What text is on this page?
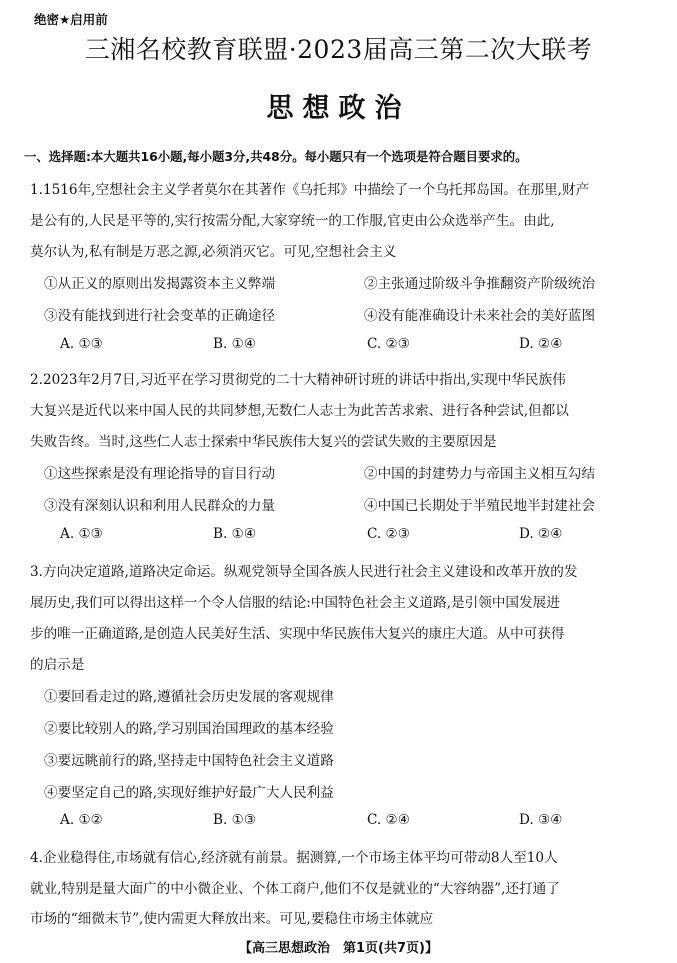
绝密★启用前
三湘名校教育联盟·2023届高三第二次大联考
思想政治
一、选择题:本大题共16小题,每小题3分,共48分。每小题只有一个选项是符合题目要求的。
1.1516年,空想社会主义学者莫尔在其著作《乌托邦》中描绘了一个乌托邦岛国。在那里,财产
是公有的,人民是平等的,实行按需分配,大家穿统一的工作服,官吏由公众选举产生。由此,
莫尔认为,私有制是万恶之源,必须消灭它。可见,空想社会主义
①从正义的原则出发揭露资本主义弊端	②主张通过阶级斗争推翻资产阶级统治
③没有能找到进行社会变革的正确途径	④没有能准确设计未来社会的美好蓝图
A. ①③	B. ①④	C. ②③	D. ②④
2.2023年2月7日,习近平在学习贯彻党的二十大精神研讨班的讲话中指出,实现中华民族伟
大复兴是近代以来中国人民的共同梦想,无数仁人志士为此苦苦求索、进行各种尝试,但都以
失败告终。当时,这些仁人志士探索中华民族伟大复兴的尝试失败的主要原因是
①这些探索是没有理论指导的盲目行动	②中国的封建势力与帝国主义相互勾结
③没有深刻认识和利用人民群众的力量	④中国已长期处于半殖民地半封建社会
A. ①③	B. ①④	C. ②③	D. ②④
3.方向决定道路,道路决定命运。纵观党领导全国各族人民进行社会主义建设和改革开放的发
展历史,我们可以得出这样一个令人信服的结论:中国特色社会主义道路,是引领中国发展进
步的唯一正确道路,是创造人民美好生活、实现中华民族伟大复兴的康庄大道。从中可获得
的启示是
①要回看走过的路,遵循社会历史发展的客观规律
②要比较别人的路,学习别国治国理政的基本经验
③要远眺前行的路,坚持走中国特色社会主义道路
④要坚定自己的路,实现好维护好最广大人民利益
A. ①②	B. ①③	C. ②④	D. ③④
4.企业稳得住,市场就有信心,经济就有前景。据测算,一个市场主体平均可带动8人至10人
就业,特别是量大面广的中小微企业、个体工商户,他们不仅是就业的“大容纳器”,还打通了
市场的“细微末节”,使内需更大释放出来。可见,要稳住市场主体就应
【高三思想政治　第1页(共7页)】
